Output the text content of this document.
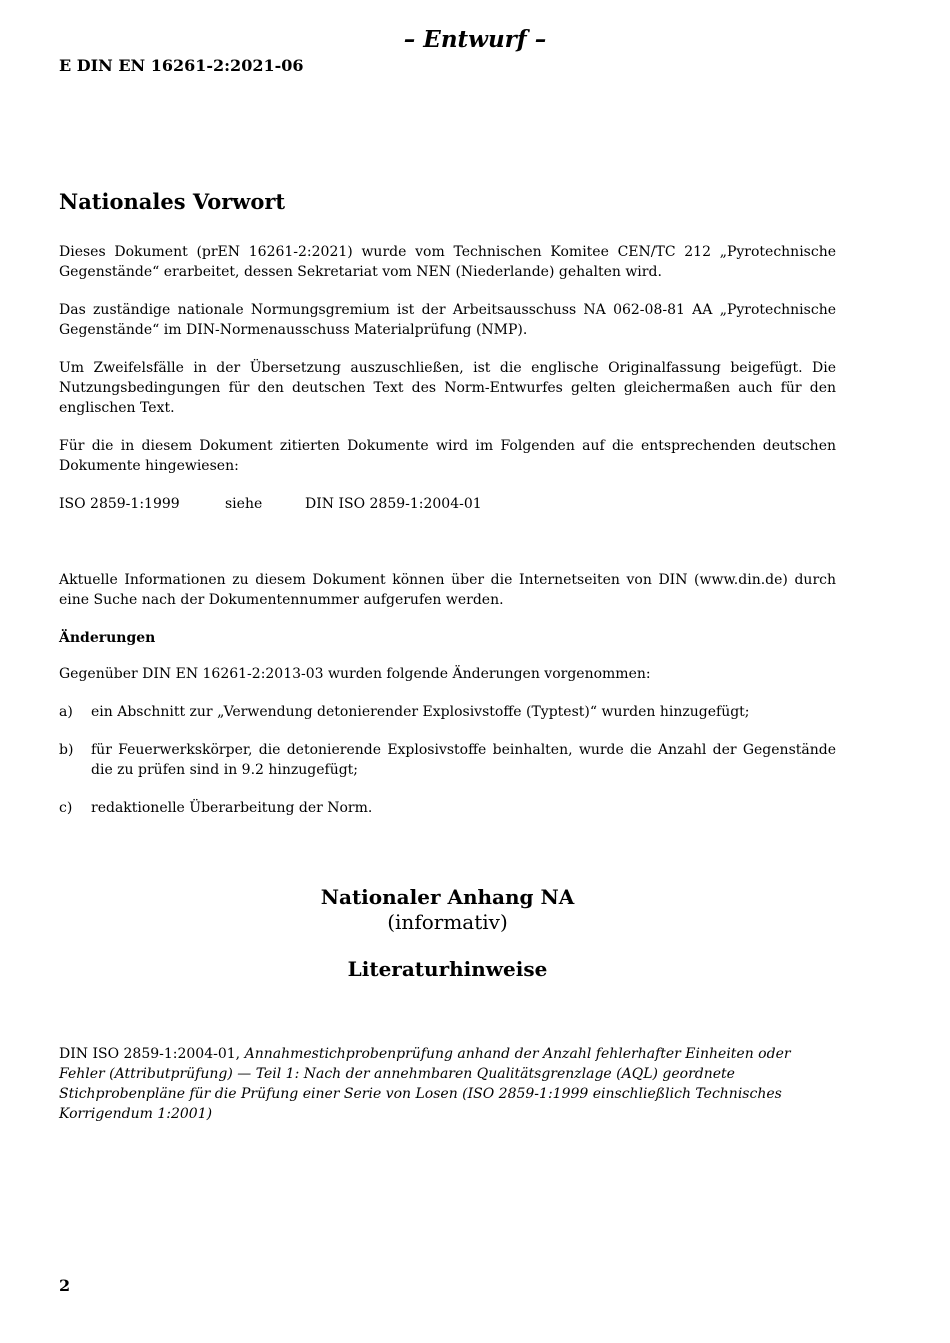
– Entwurf –
E DIN EN 16261-2:2021-06
Nationales Vorwort

Dieses Dokument (prEN 16261-2:2021) wurde vom Technischen Komitee CEN/TC 212 „Pyrotechnische Gegenstände“ erarbeitet, dessen Sekretariat vom NEN (Niederlande) gehalten wird.

Das zuständige nationale Normungsgremium ist der Arbeitsausschuss NA 062-08-81 AA „Pyrotechnische Gegenstände“ im DIN-Normenausschuss Materialprüfung (NMP).

Um Zweifelsfälle in der Übersetzung auszuschließen, ist die englische Originalfassung beigefügt. Die Nutzungsbedingungen für den deutschen Text des Norm-Entwurfes gelten gleichermaßen auch für den englischen Text.

Für die in diesem Dokument zitierten Dokumente wird im Folgenden auf die entsprechenden deutschen Dokumente hingewiesen:

ISO 2859-1:1999	siehe	DIN ISO 2859-1:2004-01

Aktuelle Informationen zu diesem Dokument können über die Internetseiten von DIN (www.din.de) durch eine Suche nach der Dokumentennummer aufgerufen werden.

Änderungen

Gegenüber DIN EN 16261-2:2013-03 wurden folgende Änderungen vorgenommen:

a)	ein Abschnitt zur „Verwendung detonierender Explosivstoffe (Typtest)“ wurden hinzugefügt;
b)	für Feuerwerkskörper, die detonierende Explosivstoffe beinhalten, wurde die Anzahl der Gegenstände die zu prüfen sind in 9.2 hinzugefügt;
c)	redaktionelle Überarbeitung der Norm.
Nationaler Anhang NA
(informativ)
Literaturhinweise
DIN ISO 2859-1:2004-01, Annahmestichprobenprüfung anhand der Anzahl fehlerhafter Einheiten oder Fehler (Attributprüfung) — Teil 1: Nach der annehmbaren Qualitätsgrenzlage (AQL) geordnete Stichprobenpläne für die Prüfung einer Serie von Losen (ISO 2859-1:1999 einschließlich Technisches Korrigendum 1:2001)
2
